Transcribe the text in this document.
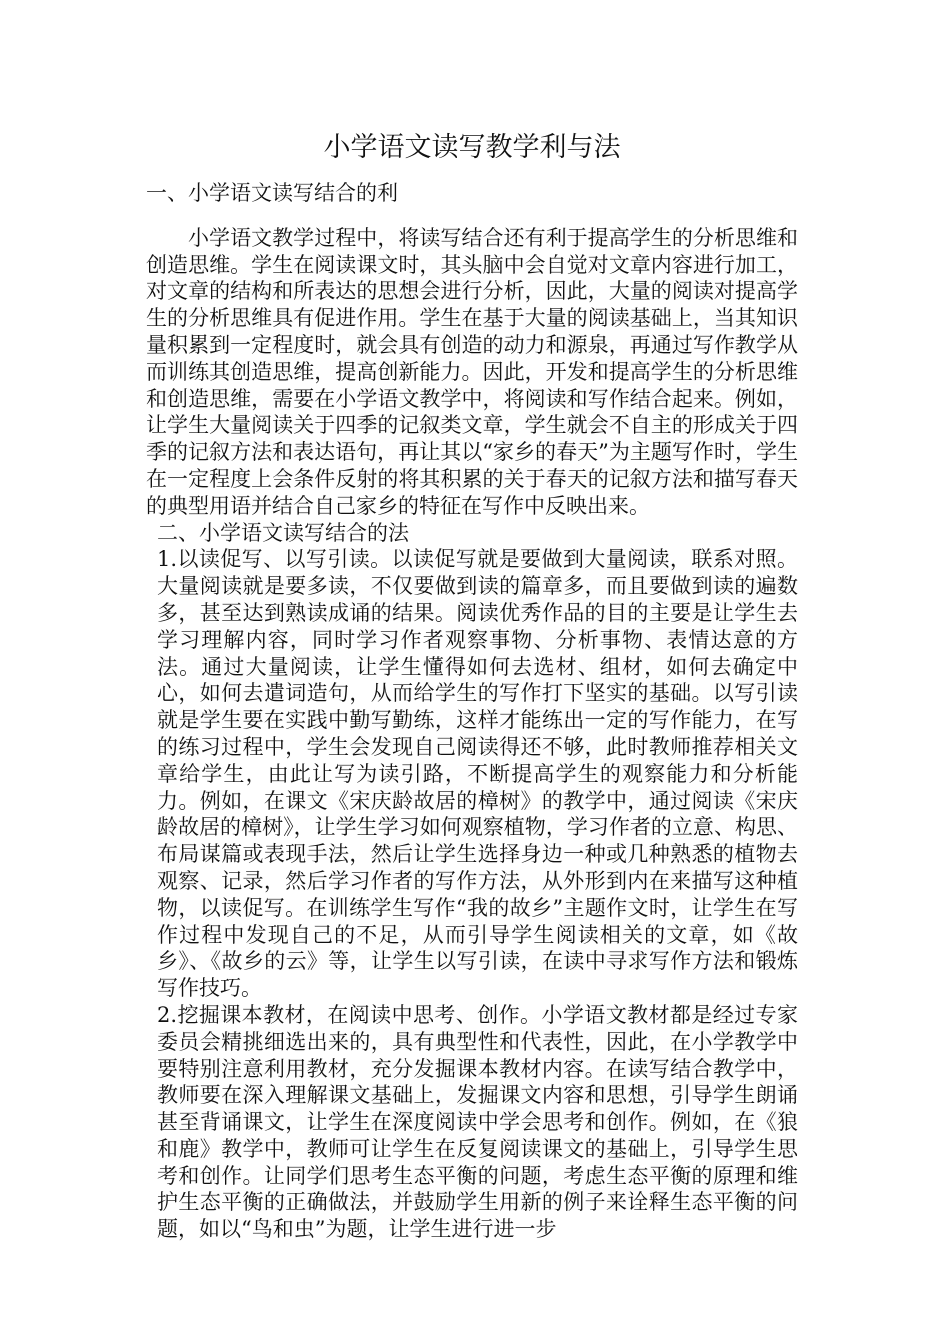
小学语文读写教学利与法
一、小学语文读写结合的利

小学语文教学过程中，将读写结合还有利于提高学生的分析思维和创造思维。学生在阅读课文时，其头脑中会自觉对文章内容进行加工，对文章的结构和所表达的思想会进行分析，因此，大量的阅读对提高学生的分析思维具有促进作用。学生在基于大量的阅读基础上，当其知识量积累到一定程度时，就会具有创造的动力和源泉，再通过写作教学从而训练其创造思维，提高创新能力。因此，开发和提高学生的分析思维和创造思维，需要在小学语文教学中，将阅读和写作结合起来。例如，让学生大量阅读关于四季的记叙类文章，学生就会不自主的形成关于四季的记叙方法和表达语句，再让其以“家乡的春天”为主题写作时，学生在一定程度上会条件反射的将其积累的关于春天的记叙方法和描写春天的典型用语并结合自己家乡的特征在写作中反映出来。

二、小学语文读写结合的法

1.以读促写、以写引读。以读促写就是要做到大量阅读，联系对照。大量阅读就是要多读，不仅要做到读的篇章多，而且要做到读的遍数多，甚至达到熟读成诵的结果。阅读优秀作品的目的主要是让学生去学习理解内容，同时学习作者观察事物、分析事物、表情达意的方法。通过大量阅读，让学生懂得如何去选材、组材，如何去确定中心，如何去遣词造句，从而给学生的写作打下坚实的基础。以写引读就是学生要在实践中勤写勤练，这样才能练出一定的写作能力，在写的练习过程中，学生会发现自己阅读得还不够，此时教师推荐相关文章给学生，由此让写为读引路，不断提高学生的观察能力和分析能力。例如，在课文《宋庆龄故居的樟树》的教学中，通过阅读《宋庆龄故居的樟树》，让学生学习如何观察植物，学习作者的立意、构思、布局谋篇或表现手法，然后让学生选择身边一种或几种熟悉的植物去观察、记录，然后学习作者的写作方法，从外形到内在来描写这种植物，以读促写。在训练学生写作“我的故乡”主题作文时，让学生在写作过程中发现自己的不足，从而引导学生阅读相关的文章，如《故乡》、《故乡的云》等，让学生以写引读，在读中寻求写作方法和锻炼写作技巧。

2.挖掘课本教材，在阅读中思考、创作。小学语文教材都是经过专家委员会精挑细选出来的，具有典型性和代表性，因此，在小学教学中要特别注意利用教材，充分发掘课本教材内容。在读写结合教学中，教师要在深入理解课文基础上，发掘课文内容和思想，引导学生朗诵甚至背诵课文，让学生在深度阅读中学会思考和创作。例如，在《狼和鹿》教学中，教师可让学生在反复阅读课文的基础上，引导学生思考和创作。让同学们思考生态平衡的问题，考虑生态平衡的原理和维护生态平衡的正确做法，并鼓励学生用新的例子来诠释生态平衡的问题，如以“鸟和虫”为题，让学生进行进一步
